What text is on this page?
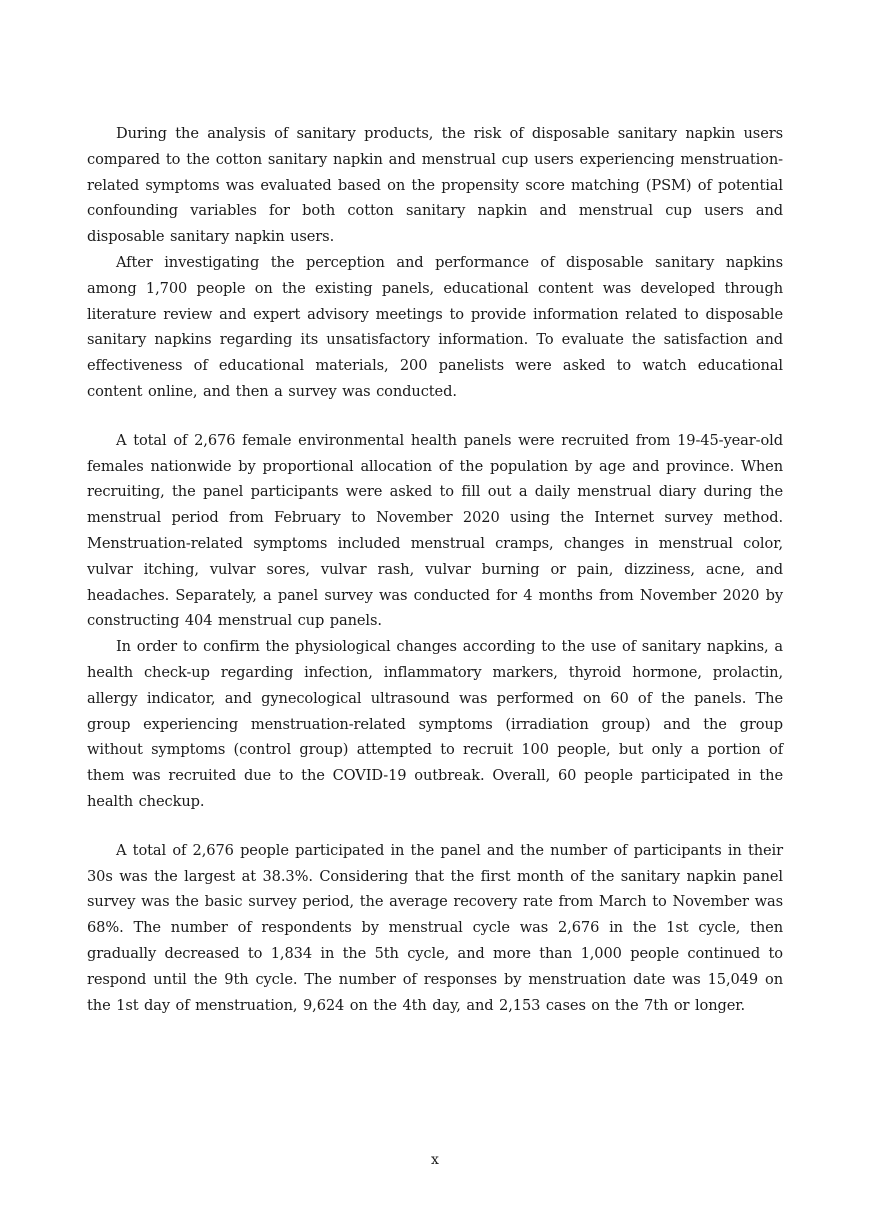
During the analysis of sanitary products, the risk of disposable sanitary napkin users compared to the cotton sanitary napkin and menstrual cup users experiencing menstruation-related symptoms was evaluated based on the propensity score matching (PSM) of potential confounding variables for both cotton sanitary napkin and menstrual cup users and disposable sanitary napkin users.

After investigating the perception and performance of disposable sanitary napkins among 1,700 people on the existing panels, educational content was developed through literature review and expert advisory meetings to provide information related to disposable sanitary napkins regarding its unsatisfactory information. To evaluate the satisfaction and effectiveness of educational materials, 200 panelists were asked to watch educational content online, and then a survey was conducted.

A total of 2,676 female environmental health panels were recruited from 19-45-year-old females nationwide by proportional allocation of the population by age and province. When recruiting, the panel participants were asked to fill out a daily menstrual diary during the menstrual period from February to November 2020 using the Internet survey method. Menstruation-related symptoms included menstrual cramps, changes in menstrual color, vulvar itching, vulvar sores, vulvar rash, vulvar burning or pain, dizziness, acne, and headaches. Separately, a panel survey was conducted for 4 months from November 2020 by constructing 404 menstrual cup panels.

In order to confirm the physiological changes according to the use of sanitary napkins, a health check-up regarding infection, inflammatory markers, thyroid hormone, prolactin, allergy indicator, and gynecological ultrasound was performed on 60 of the panels. The group experiencing menstruation-related symptoms (irradiation group) and the group without symptoms (control group) attempted to recruit 100 people, but only a portion of them was recruited due to the COVID-19 outbreak. Overall, 60 people participated in the health checkup.

A total of 2,676 people participated in the panel and the number of participants in their 30s was the largest at 38.3%. Considering that the first month of the sanitary napkin panel survey was the basic survey period, the average recovery rate from March to November was 68%. The number of respondents by menstrual cycle was 2,676 in the 1st cycle, then gradually decreased to 1,834 in the 5th cycle, and more than 1,000 people continued to respond until the 9th cycle. The number of responses by menstruation date was 15,049 on the 1st day of menstruation, 9,624 on the 4th day, and 2,153 cases on the 7th or longer.

x
